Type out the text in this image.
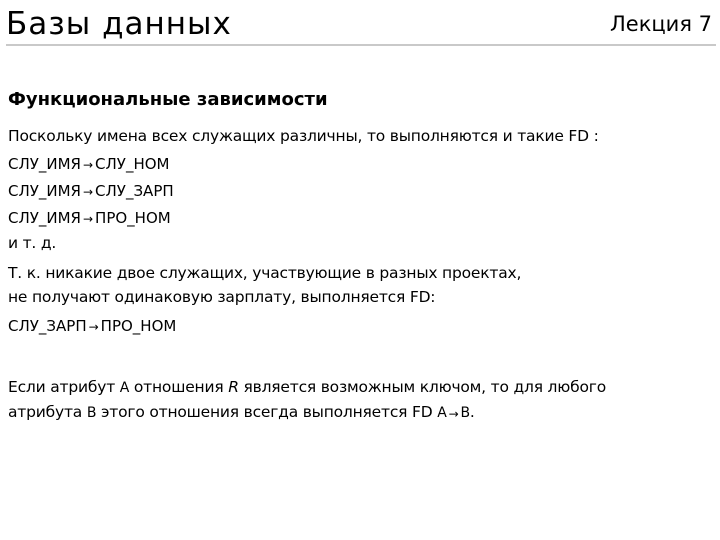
Базы данных	Лекция 7
Функциональные зависимости
Поскольку имена всех служащих различны, то выполняются и такие FD :
СЛУ_ИМЯ → СЛУ_НОМ
СЛУ_ИМЯ → СЛУ_ЗАРП
СЛУ_ИМЯ → ПРО_НОМ
и т. д.
Т. к. никакие двое служащих, участвующие в разных проектах,
не получают одинаковую зарплату, выполняется FD:
СЛУ_ЗАРП → ПРО_НОМ
Если атрибут A отношения R является возможным ключом, то для любого
атрибута B этого отношения всегда выполняется FD A → B.
